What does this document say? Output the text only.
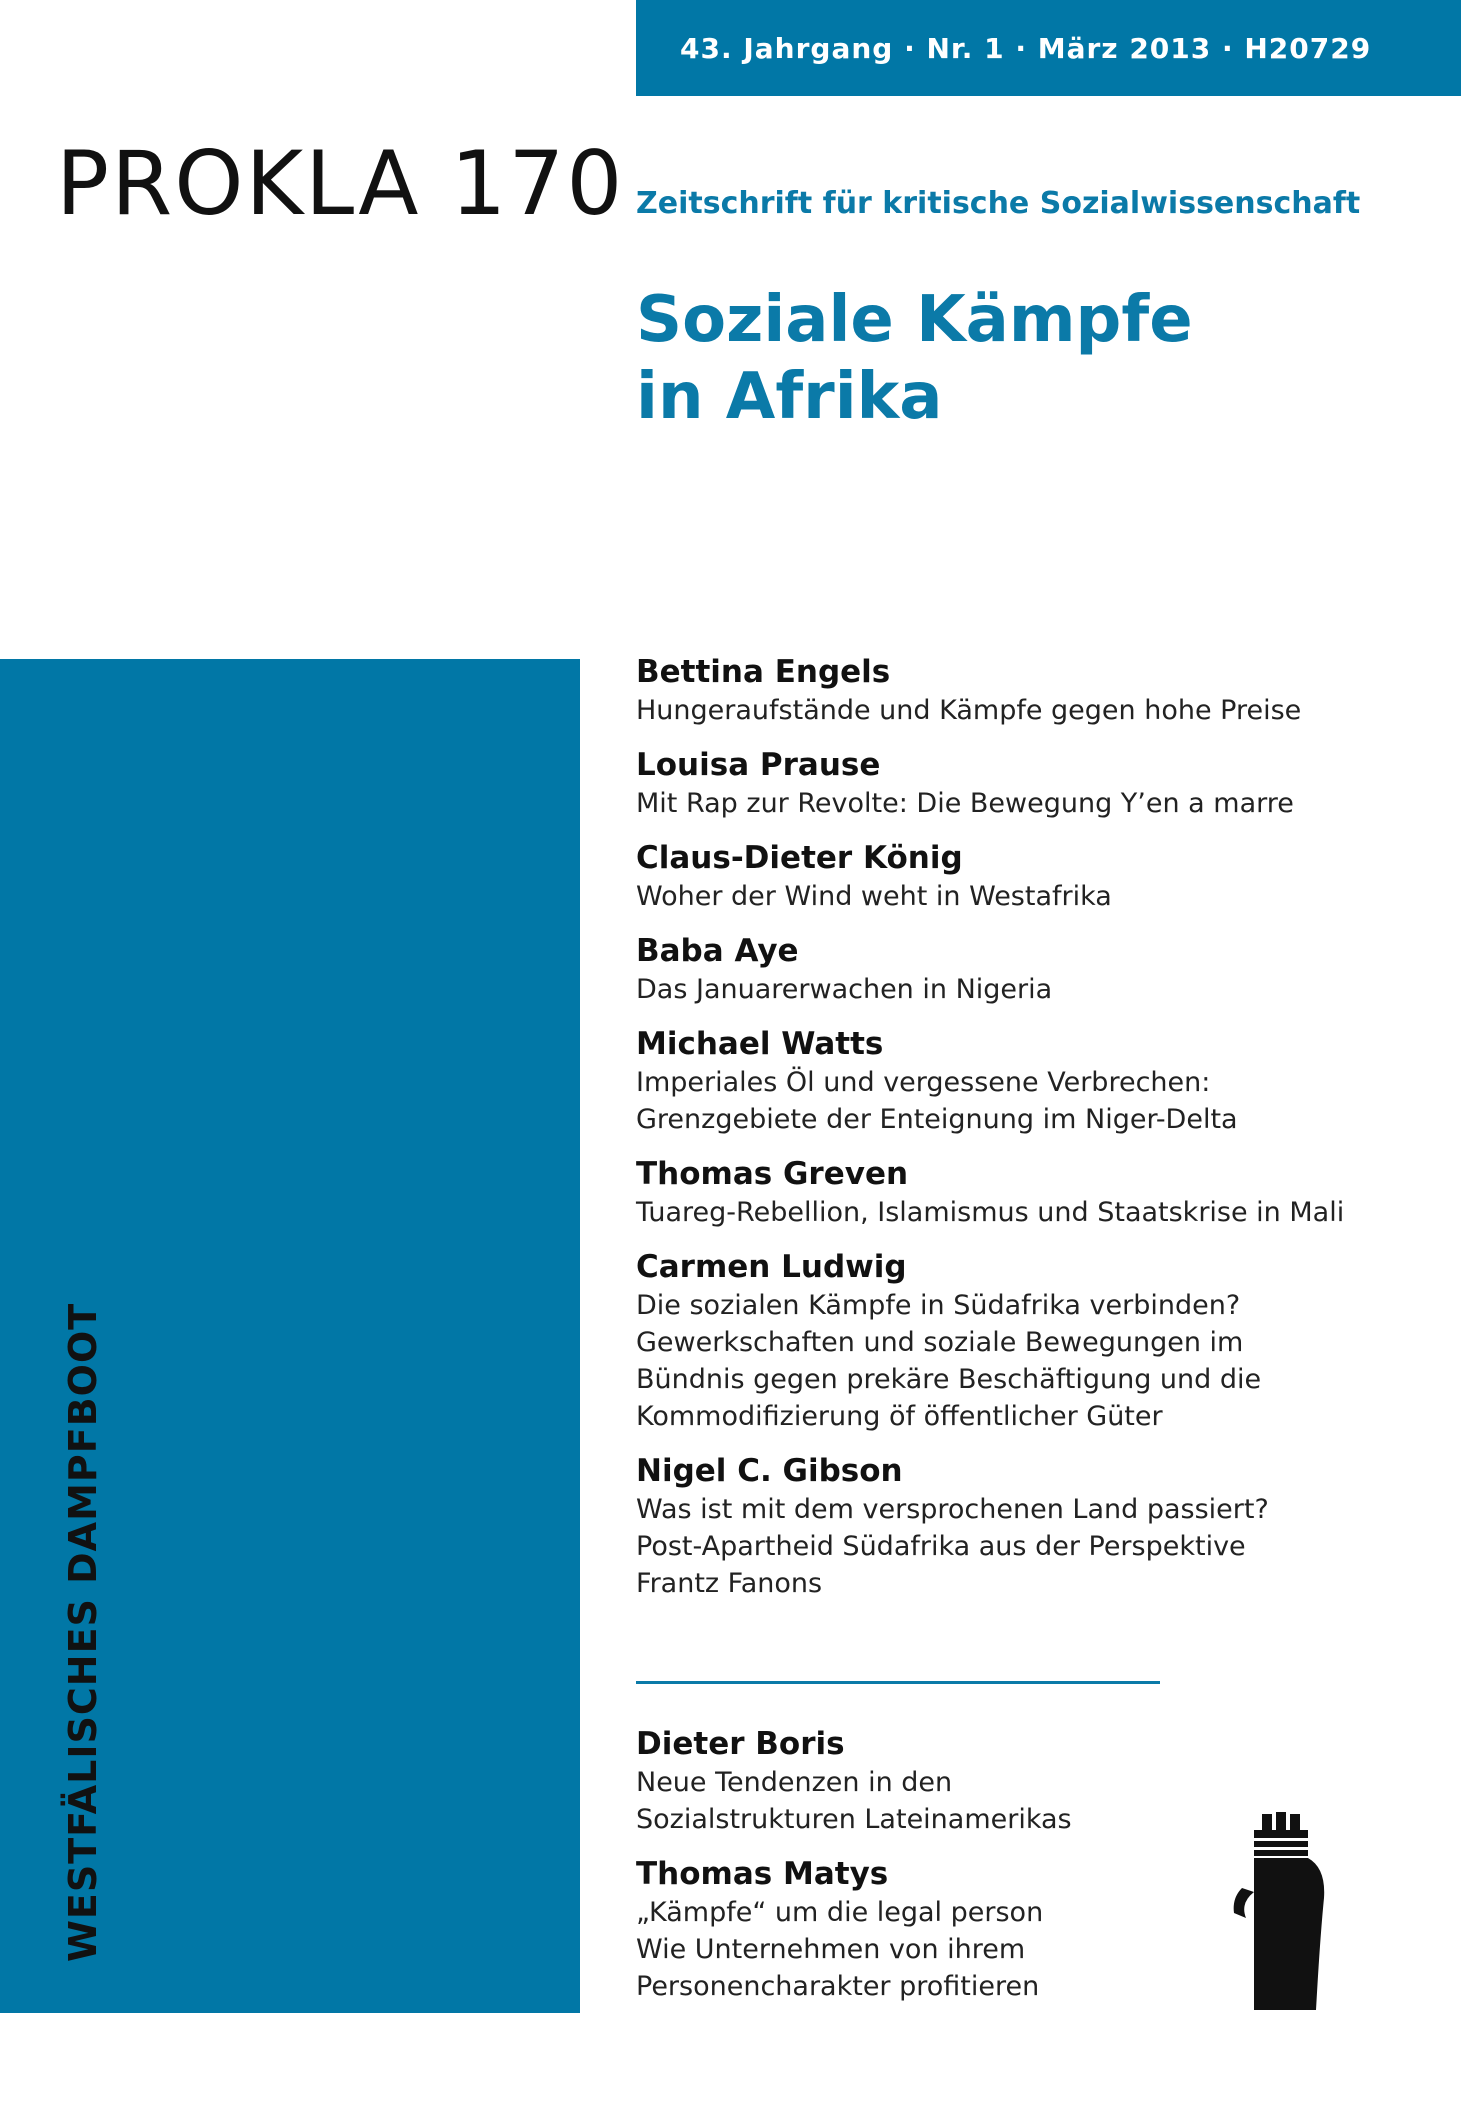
43. Jahrgang · Nr. 1 · März 2013 · H20729
PROKLA 170 Zeitschrift für kritische Sozialwissenschaft
Soziale Kämpfe
in Afrika
WESTFÄLISCHES DAMPFBOOT
Bettina Engels
Hungeraufstände und Kämpfe gegen hohe Preise
Louisa Prause
Mit Rap zur Revolte: Die Bewegung Y’en a marre
Claus-Dieter König
Woher der Wind weht in Westafrika
Baba Aye
Das Januarerwachen in Nigeria
Michael Watts
Imperiales Öl und vergessene Verbrechen:
Grenzgebiete der Enteignung im Niger-Delta
Thomas Greven
Tuareg-Rebellion, Islamismus und Staatskrise in Mali
Carmen Ludwig
Die sozialen Kämpfe in Südafrika verbinden?
Gewerkschaften und soziale Bewegungen im
Bündnis gegen prekäre Beschäftigung und die
Kommodifizierung öf öffentlicher Güter
Nigel C. Gibson
Was ist mit dem versprochenen Land passiert?
Post-Apartheid Südafrika aus der Perspektive
Frantz Fanons
Dieter Boris
Neue Tendenzen in den
Sozialstrukturen Lateinamerikas
Thomas Matys
„Kämpfe“ um die legal person
Wie Unternehmen von ihrem
Personencharakter profitieren
